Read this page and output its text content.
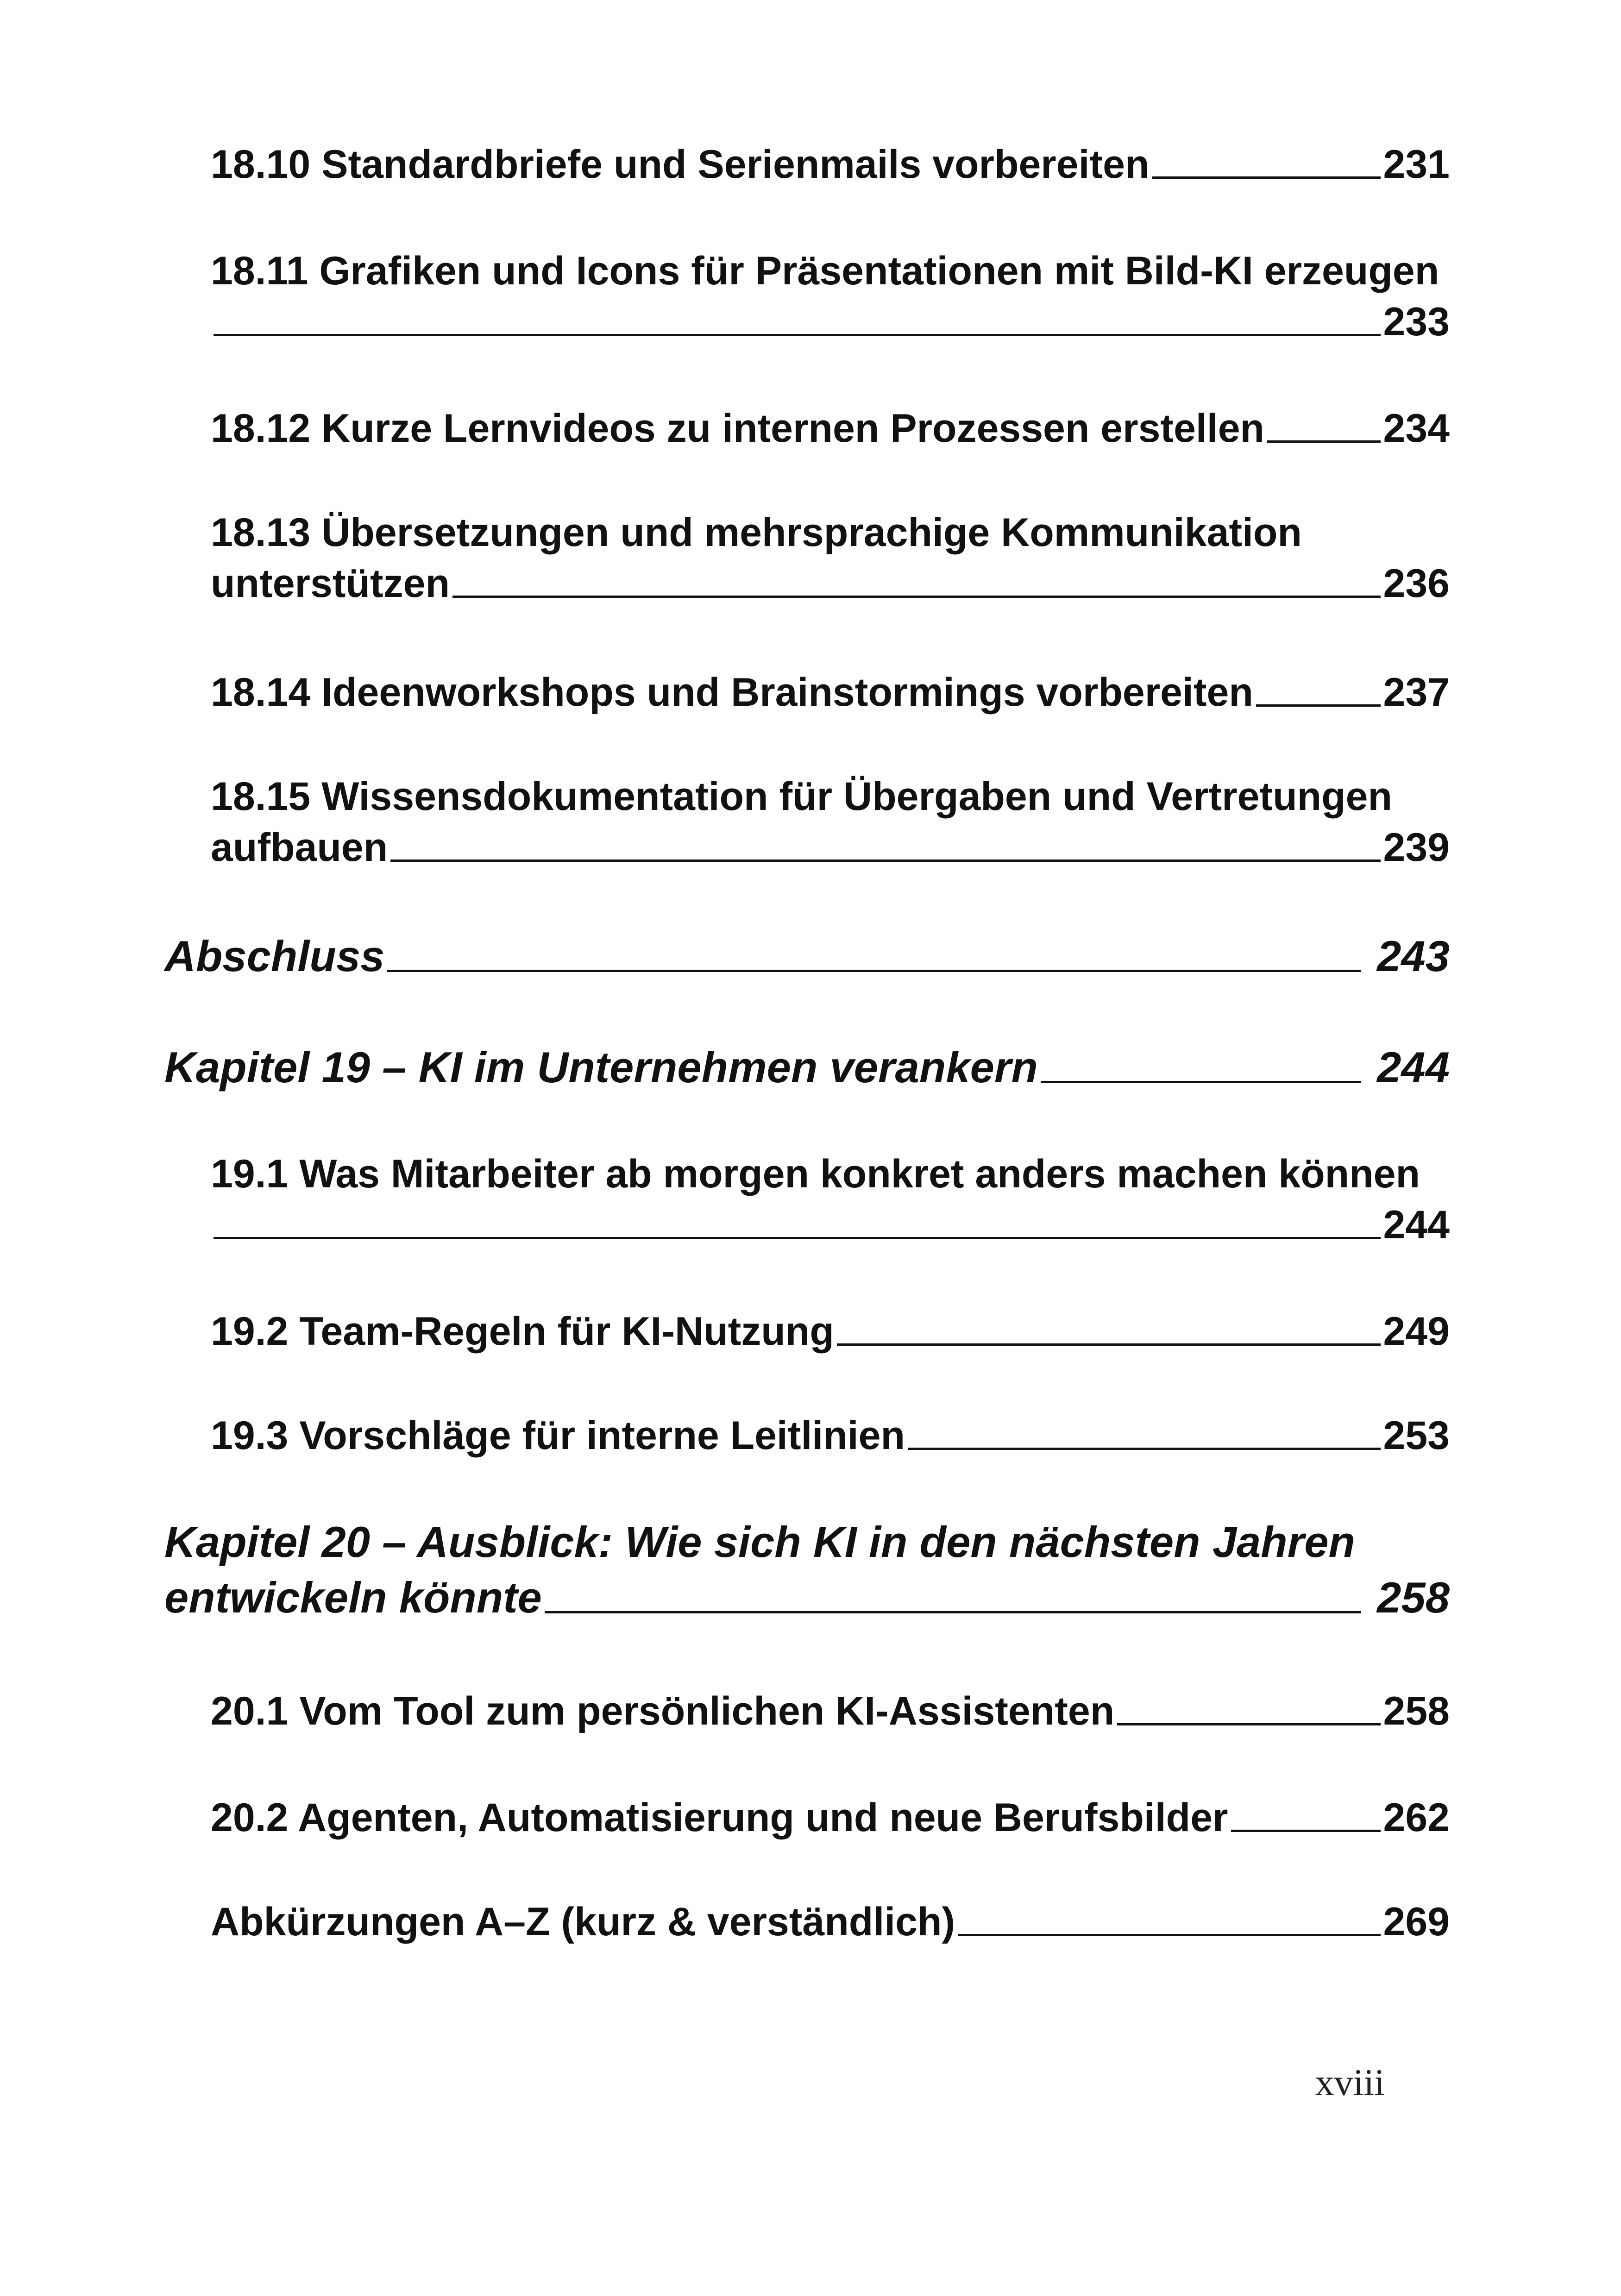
18.10 Standardbriefe und Serienmails vorbereiten	231
18.11 Grafiken und Icons für Präsentationen mit Bild-KI erzeugen
233
18.12 Kurze Lernvideos zu internen Prozessen erstellen	234
18.13 Übersetzungen und mehrsprachige Kommunikation
unterstützen	236
18.14 Ideenworkshops und Brainstormings vorbereiten	237
18.15 Wissensdokumentation für Übergaben und Vertretungen
aufbauen	239
Abschluss	243
Kapitel 19 – KI im Unternehmen verankern	244
19.1 Was Mitarbeiter ab morgen konkret anders machen können
244
19.2 Team-Regeln für KI-Nutzung	249
19.3 Vorschläge für interne Leitlinien	253
Kapitel 20 – Ausblick: Wie sich KI in den nächsten Jahren
entwickeln könnte	258
20.1 Vom Tool zum persönlichen KI-Assistenten	258
20.2 Agenten, Automatisierung und neue Berufsbilder	262
Abkürzungen A–Z (kurz & verständlich)	269
xviii
